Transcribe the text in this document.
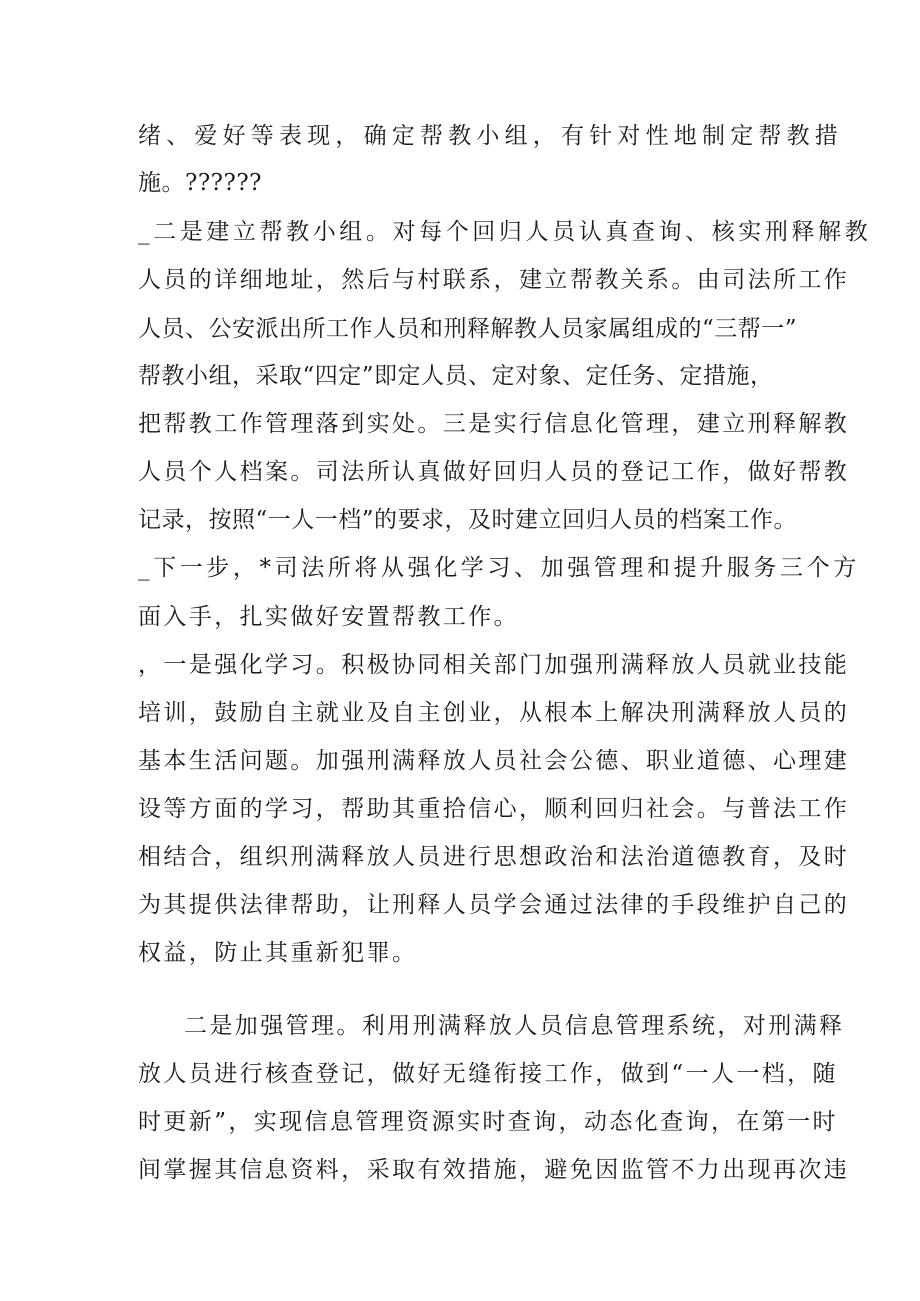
绪、爱好等表现，确定帮教小组，有针对性地制定帮教措
施。??????
_二是建立帮教小组。对每个回归人员认真查询、核实刑释解教
人员的详细地址，然后与村联系，建立帮教关系。由司法所工作
人员、公安派出所工作人员和刑释解教人员家属组成的“三帮一”
帮教小组，采取“四定”即定人员、定对象、定任务、定措施，
把帮教工作管理落到实处。三是实行信息化管理，建立刑释解教
人员个人档案。司法所认真做好回归人员的登记工作，做好帮教
记录，按照“一人一档”的要求，及时建立回归人员的档案工作。
_下一步，*司法所将从强化学习、加强管理和提升服务三个方
面入手，扎实做好安置帮教工作。
，一是强化学习。积极协同相关部门加强刑满释放人员就业技能
培训，鼓励自主就业及自主创业，从根本上解决刑满释放人员的
基本生活问题。加强刑满释放人员社会公德、职业道德、心理建
设等方面的学习，帮助其重拾信心，顺利回归社会。与普法工作
相结合，组织刑满释放人员进行思想政治和法治道德教育，及时
为其提供法律帮助，让刑释人员学会通过法律的手段维护自己的
权益，防止其重新犯罪。
二是加强管理。利用刑满释放人员信息管理系统，对刑满释
放人员进行核查登记，做好无缝衔接工作，做到“一人一档，随
时更新”，实现信息管理资源实时查询，动态化查询，在第一时
间掌握其信息资料，采取有效措施，避免因监管不力出现再次违
